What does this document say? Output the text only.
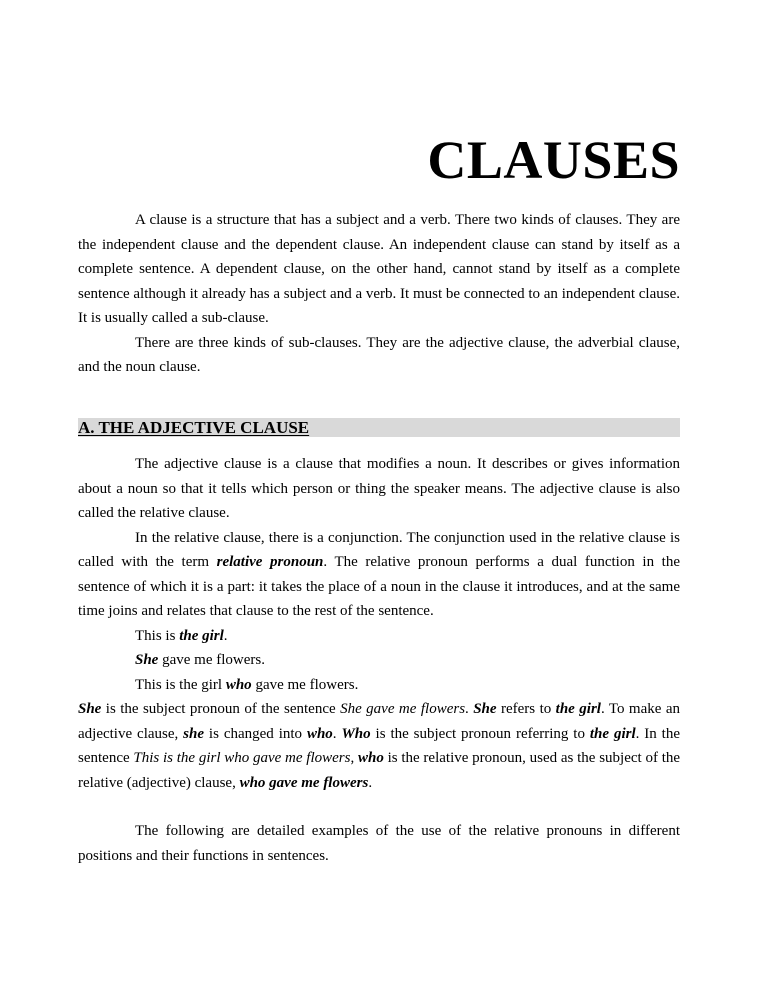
CLAUSES

A clause is a structure that has a subject and a verb. There two kinds of clauses. They are the independent clause and the dependent clause. An independent clause can stand by itself as a complete sentence. A dependent clause, on the other hand, cannot stand by itself as a complete sentence although it already has a subject and a verb. It must be connected to an independent clause. It is usually called a sub-clause.

There are three kinds of sub-clauses. They are the adjective clause, the adverbial clause, and the noun clause.

A. THE ADJECTIVE CLAUSE

The adjective clause is a clause that modifies a noun. It describes or gives information about a noun so that it tells which person or thing the speaker means. The adjective clause is also called the relative clause.

In the relative clause, there is a conjunction. The conjunction used in the relative clause is called with the term relative pronoun. The relative pronoun performs a dual function in the sentence of which it is a part: it takes the place of a noun in the clause it introduces, and at the same time joins and relates that clause to the rest of the sentence.

This is the girl.

She gave me flowers.

This is the girl who gave me flowers.

She is the subject pronoun of the sentence She gave me flowers. She refers to the girl. To make an adjective clause, she is changed into who. Who is the subject pronoun referring to the girl. In the sentence This is the girl who gave me flowers, who is the relative pronoun, used as the subject of the relative (adjective) clause, who gave me flowers.

The following are detailed examples of the use of the relative pronouns in different positions and their functions in sentences.
